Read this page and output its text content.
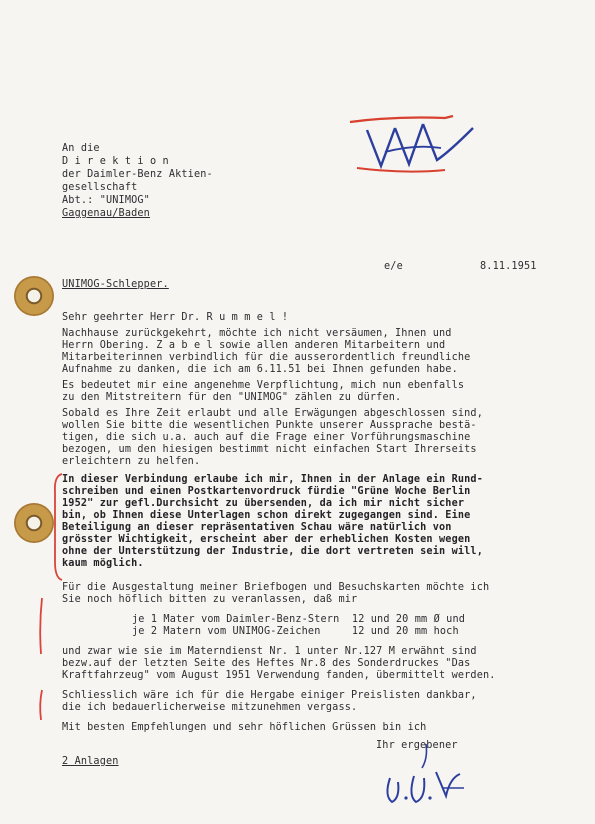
An die
D i r e k t i o n
der Daimler-Benz Aktien-
gesellschaft
Abt.: "UNIMOG"
Gaggenau/Baden
e/e	8.11.1951
UNIMOG-Schlepper.
Sehr geehrter Herr Dr. R u m m e l !
Nachhause zurückgekehrt, möchte ich nicht versäumen, Ihnen und
Herrn Obering. Z a b e l sowie allen anderen Mitarbeitern und
Mitarbeiterinnen verbindlich für die ausserordentlich freundliche
Aufnahme zu danken, die ich am 6.11.51 bei Ihnen gefunden habe.
Es bedeutet mir eine angenehme Verpflichtung, mich nun ebenfalls
zu den Mitstreitern für den "UNIMOG" zählen zu dürfen.
Sobald es Ihre Zeit erlaubt und alle Erwägungen abgeschlossen sind,
wollen Sie bitte die wesentlichen Punkte unserer Aussprache bestä-
tigen, die sich u.a. auch auf die Frage einer Vorführungsmaschine
bezogen, um den hiesigen bestimmt nicht einfachen Start Ihrerseits
erleichtern zu helfen.
In dieser Verbindung erlaube ich mir, Ihnen in der Anlage ein Rund-
schreiben und einen Postkartenvordruck fürdie "Grüne Woche Berlin
1952" zur gefl.Durchsicht zu übersenden, da ich mir nicht sicher
bin, ob Ihnen diese Unterlagen schon direkt zugegangen sind. Eine
Beteiligung an dieser repräsentativen Schau wäre natürlich von
grösster Wichtigkeit, erscheint aber der erheblichen Kosten wegen
ohne der Unterstützung der Industrie, die dort vertreten sein will,
kaum möglich.
Für die Ausgestaltung meiner Briefbogen und Besuchskarten möchte ich
Sie noch höflich bitten zu veranlassen, daß mir
je 1 Mater vom Daimler-Benz-Stern  12 und 20 mm Ø und
je 2 Matern vom UNIMOG-Zeichen     12 und 20 mm hoch
und zwar wie sie im Materndienst Nr. 1 unter Nr.127 M erwähnt sind
bezw.auf der letzten Seite des Heftes Nr.8 des Sonderdruckes "Das
Kraftfahrzeug" vom August 1951 Verwendung fanden, übermittelt werden.
Schliesslich wäre ich für die Hergabe einiger Preislisten dankbar,
die ich bedauerlicherweise mitzunehmen vergass.
Mit besten Empfehlungen und sehr höflichen Grüssen bin ich
Ihr ergebener
2 Anlagen
